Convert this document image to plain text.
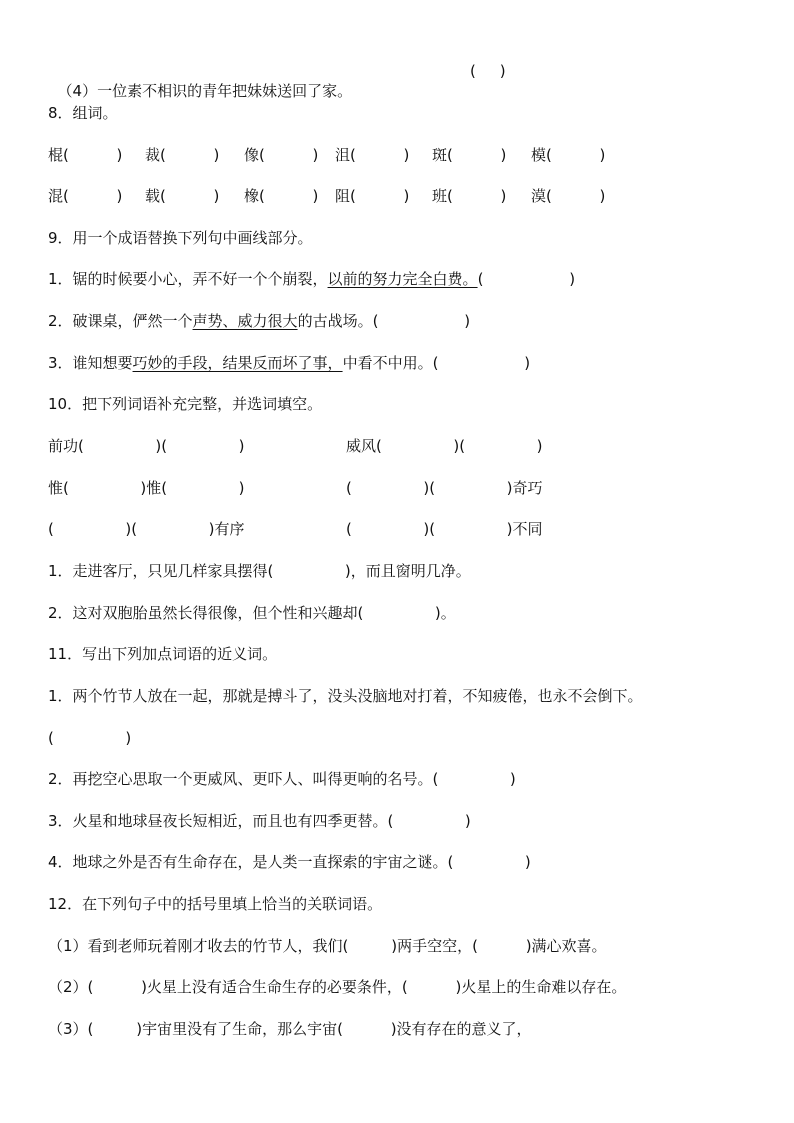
（4）一位素不相识的青年把妹妹送回了家。

(     )
8．组词。
棍(          ) 裁(          ) 像(          ) 沮(          ) 斑(          ) 模(          )
混(          ) 载(          ) 橡(          ) 阻(          ) 班(          ) 漠(          )
9．用一个成语替换下列句中画线部分。
1．锯的时候要小心，弄不好一个个崩裂，以前的努力完全白费。(                  )
2．破课桌，俨然一个声势、威力很大的古战场。(                  )
3．谁知想要巧妙的手段，结果反而坏了事，中看不中用。(                  )
10．把下列词语补充完整，并选词填空。
前功(               )(               )	威风(               )(               )
惟(               )惟(               )	(               )(               )奇巧
(               )(               )有序	(               )(               )不同
1．走进客厅，只见几样家具摆得(               )，而且窗明几净。
2．这对双胞胎虽然长得很像，但个性和兴趣却(               )。
11．写出下列加点词语的近义词。
1．两个竹节人放在一起，那就是搏斗了，没头没脑地对打着，不知疲倦，也永不会倒下。
(               )
2．再挖空心思取一个更威风、更吓人、叫得更响的名号。(               )
3．火星和地球昼夜长短相近，而且也有四季更替。(               )
4．地球之外是否有生命存在，是人类一直探索的宇宙之谜。(               )
12．在下列句子中的括号里填上恰当的关联词语。
（1）看到老师玩着刚才收去的竹节人，我们(         )两手空空，(          )满心欢喜。
（2）(          )火星上没有适合生命生存的必要条件，(          )火星上的生命难以存在。
（3）(         )宇宙里没有了生命，那么宇宙(          )没有存在的意义了，
